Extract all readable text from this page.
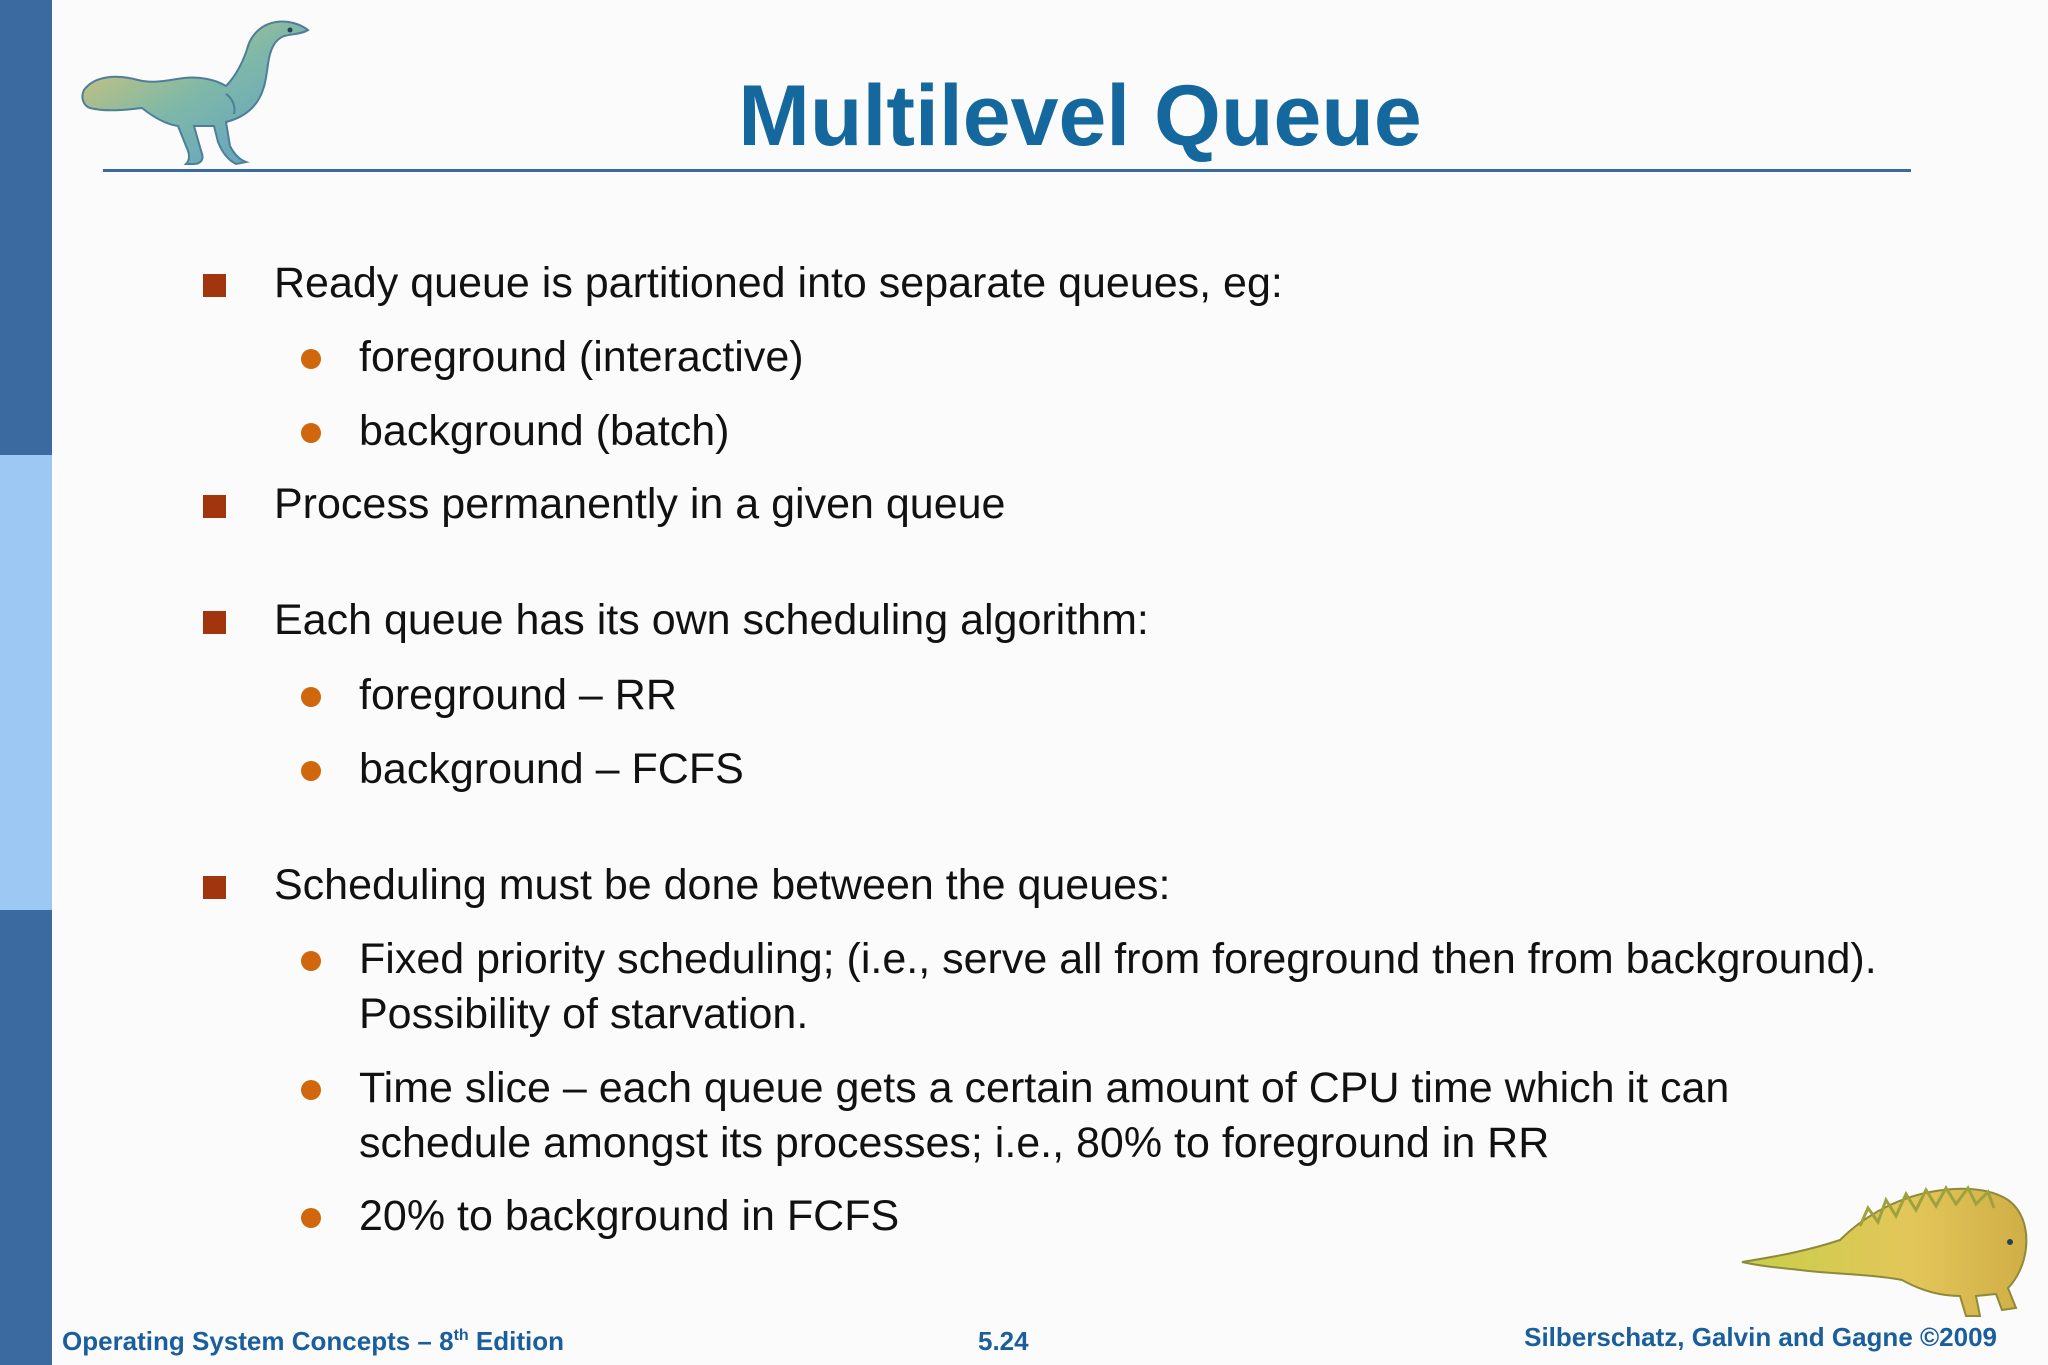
Multilevel Queue
Ready queue is partitioned into separate queues, eg:
foreground (interactive)
background (batch)
Process permanently in a given queue
Each queue has its own scheduling algorithm:
foreground – RR
background – FCFS
Scheduling must be done between the queues:
Fixed priority scheduling; (i.e., serve all from foreground then from background). Possibility of starvation.
Time slice – each queue gets a certain amount of CPU time which it can schedule amongst its processes; i.e., 80% to foreground in RR
20% to background in FCFS
Operating System Concepts – 8th Edition	5.24	Silberschatz, Galvin and Gagne ©2009
